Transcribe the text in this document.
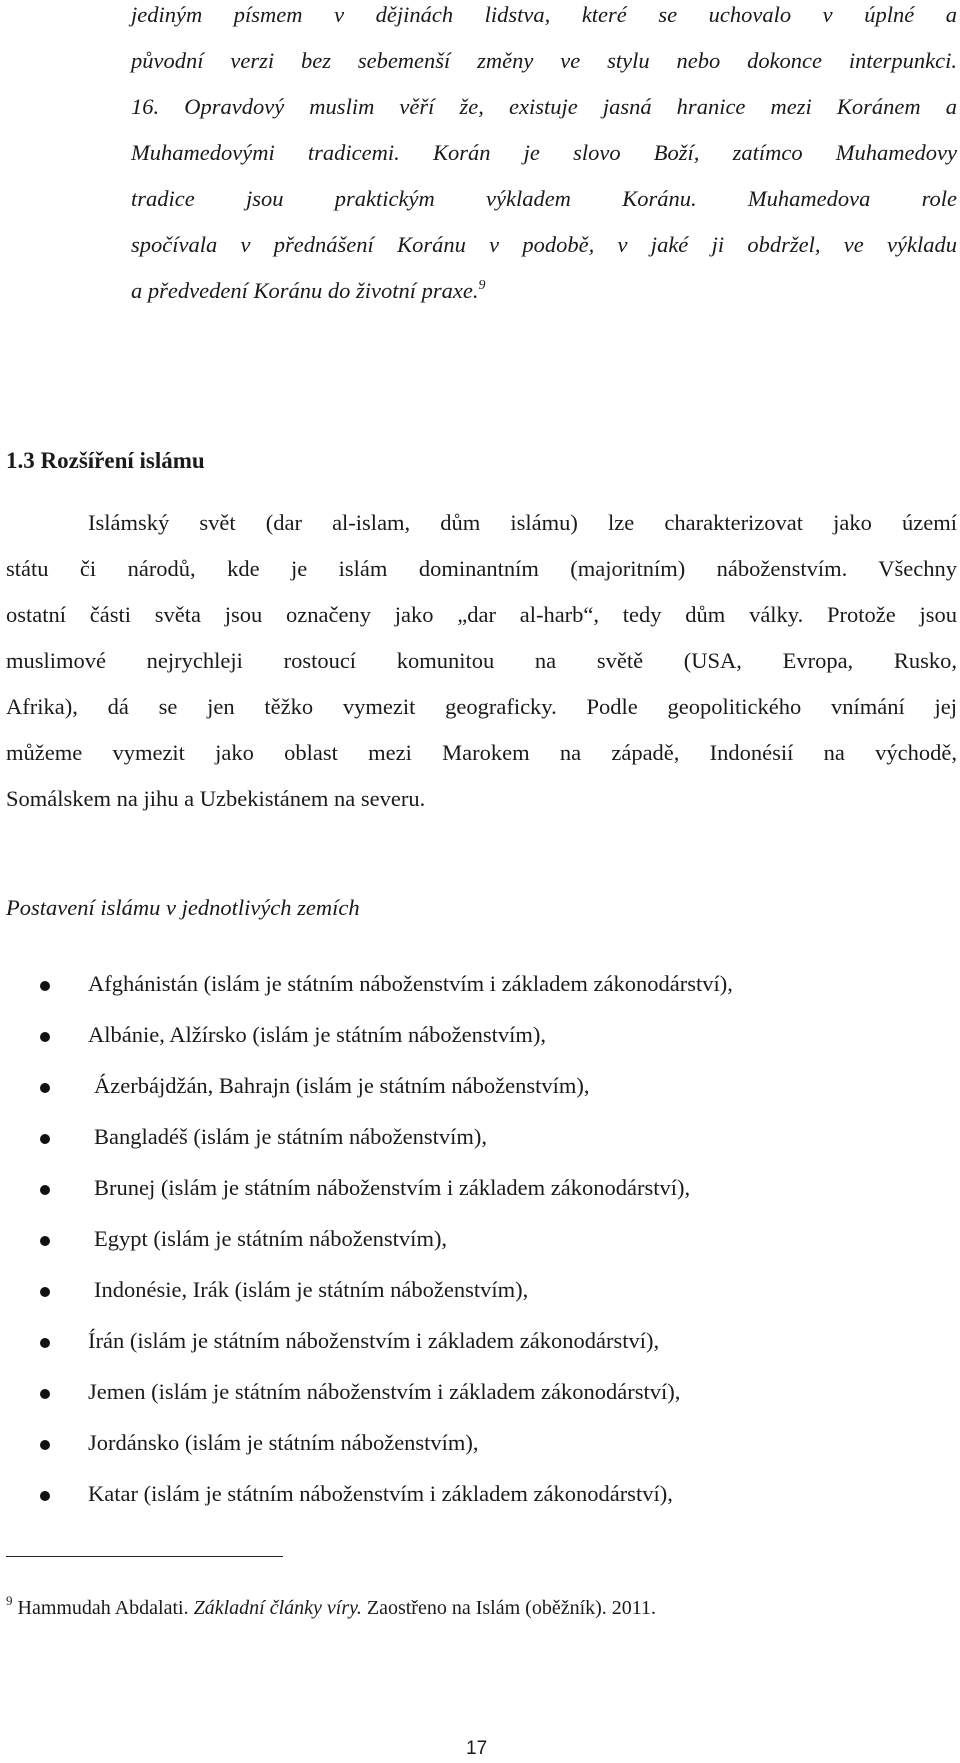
jediným písmem v dějinách lidstva, které se uchovalo v úplné a
původní verzi bez sebemenší změny ve stylu nebo dokonce interpunkci.
16. Opravdový muslim věří že, existuje jasná hranice mezi Koránem a
Muhamedovými tradicemi. Korán je slovo Boží, zatímco Muhamedovy
tradice jsou praktickým výkladem Koránu. Muhamedova role
spočívala v přednášení Koránu v podobě, v jaké ji obdržel, ve výkladu
a předvedení Koránu do životní praxe.$^9$
1.3 Rozšíření islámu
Islámský svět (dar al-islam, dům islámu) lze charakterizovat jako území
státu či národů, kde je islám dominantním (majoritním) náboženstvím. Všechny
ostatní části světa jsou označeny jako „dar al-harb“, tedy dům války. Protože jsou
muslimové nejrychleji rostoucí komunitou na světě (USA, Evropa, Rusko,
Afrika), dá se jen těžko vymezit geograficky. Podle geopolitického vnímání jej
můžeme vymezit jako oblast mezi Marokem na západě, Indonésií na východě,
Somálskem na jihu a Uzbekistánem na severu.
Postavení islámu v jednotlivých zemích
Afghánistán (islám je státním náboženstvím i základem zákonodárství),
Albánie, Alžírsko (islám je státním náboženstvím),
Ázerbájdžán, Bahrajn (islám je státním náboženstvím),
Bangladéš (islám je státním náboženstvím),
Brunej (islám je státním náboženstvím i základem zákonodárství),
Egypt (islám je státním náboženstvím),
Indonésie, Irák (islám je státním náboženstvím),
Írán (islám je státním náboženstvím i základem zákonodárství),
Jemen (islám je státním náboženstvím i základem zákonodárství),
Jordánsko (islám je státním náboženstvím),
Katar (islám je státním náboženstvím i základem zákonodárství),
$^9$ Hammudah Abdalati. Základní články víry. Zaostřeno na Islám (oběžník). 2011.
17
